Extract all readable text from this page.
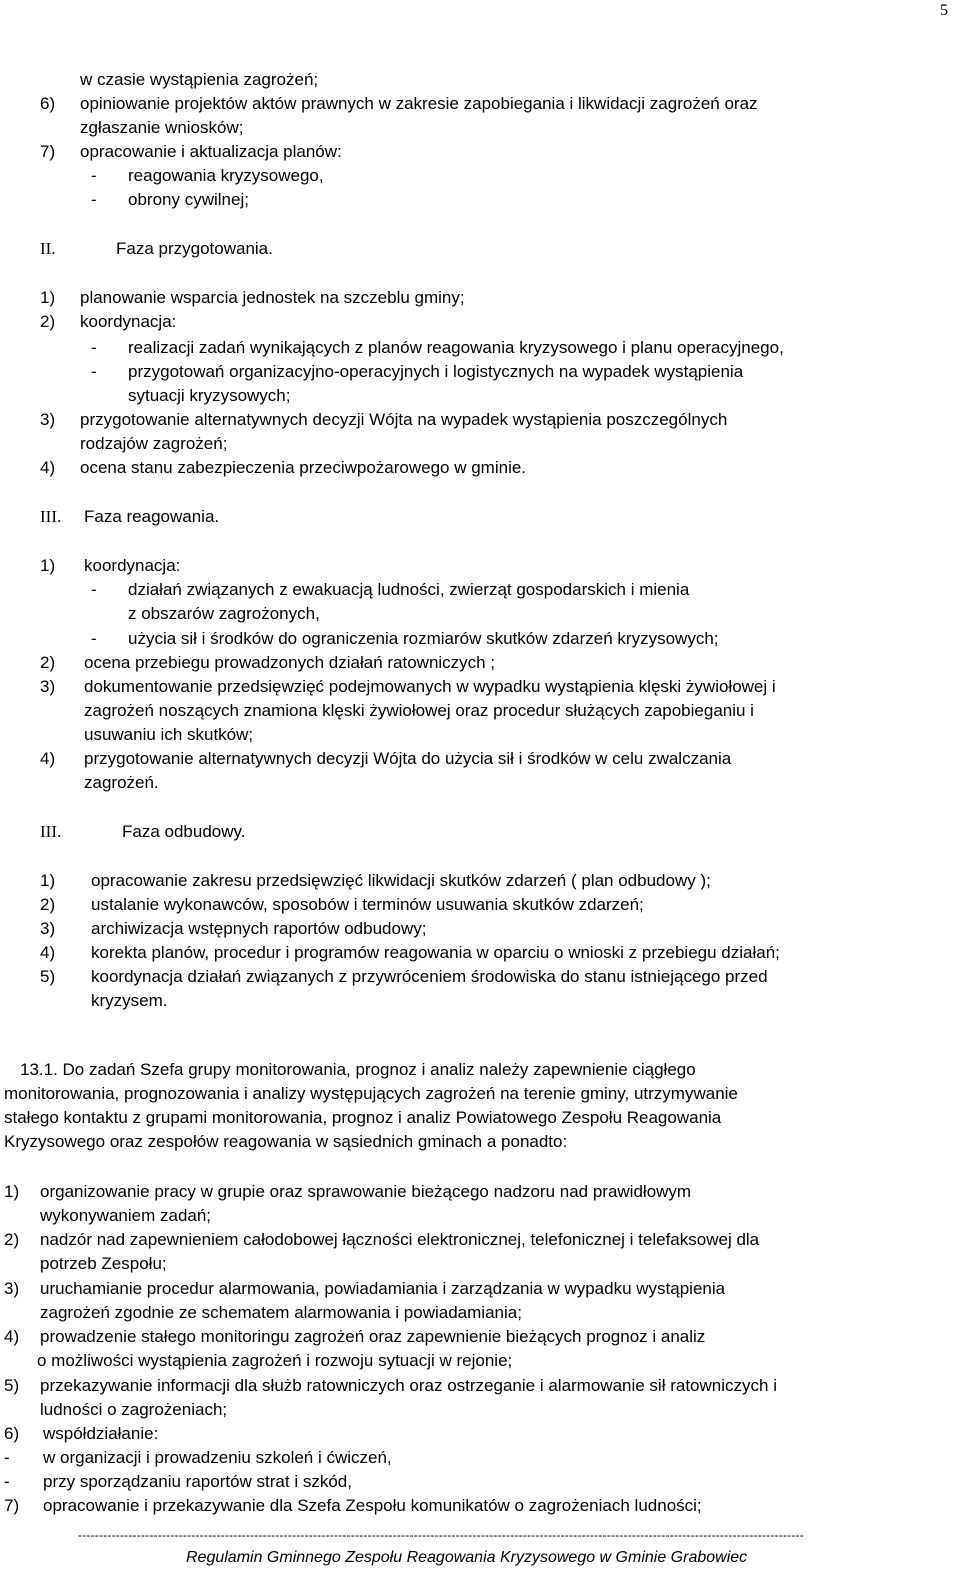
5
w czasie wystąpienia zagrożeń;
6) opiniowanie projektów aktów prawnych w zakresie zapobiegania i likwidacji zagrożeń oraz
zgłaszanie wniosków;
7) opracowanie i aktualizacja planów:
- reagowania kryzysowego,
- obrony cywilnej;
II.	Faza przygotowania.
1) planowanie wsparcia jednostek na szczeblu gminy;
2) koordynacja:
- realizacji zadań wynikających z planów reagowania kryzysowego i planu operacyjnego,
- przygotowań organizacyjno-operacyjnych i logistycznych na wypadek wystąpienia
sytuacji kryzysowych;
3) przygotowanie alternatywnych decyzji Wójta na wypadek wystąpienia poszczególnych
rodzajów zagrożeń;
4) ocena stanu zabezpieczenia przeciwpożarowego w gminie.
III. Faza reagowania.
1) koordynacja:
- działań związanych z ewakuacją ludności, zwierząt gospodarskich i mienia
z obszarów zagrożonych,
- użycia sił i środków do ograniczenia rozmiarów skutków zdarzeń kryzysowych;
2) ocena przebiegu prowadzonych działań ratowniczych ;
3) dokumentowanie przedsięwzięć podejmowanych w wypadku wystąpienia klęski żywiołowej i
zagrożeń noszących znamiona klęski żywiołowej oraz procedur służących zapobieganiu i
usuwaniu ich skutków;
4) przygotowanie alternatywnych decyzji Wójta do użycia sił i środków w celu zwalczania
zagrożeń.
III.	Faza odbudowy.
1) opracowanie zakresu przedsięwzięć likwidacji skutków zdarzeń ( plan odbudowy );
2) ustalanie wykonawców, sposobów i terminów usuwania skutków zdarzeń;
3) archiwizacja wstępnych raportów odbudowy;
4) korekta planów, procedur i programów reagowania w oparciu o wnioski z przebiegu działań;
5) koordynacja działań związanych z przywróceniem środowiska do stanu istniejącego przed
kryzysem.
13.1. Do zadań Szefa grupy monitorowania, prognoz i analiz należy zapewnienie ciągłego
monitorowania, prognozowania i analizy występujących zagrożeń na terenie gminy, utrzymywanie
stałego kontaktu z grupami monitorowania, prognoz i analiz Powiatowego Zespołu Reagowania
Kryzysowego oraz zespołów reagowania w sąsiednich gminach a ponadto:
1) organizowanie pracy w grupie oraz sprawowanie bieżącego nadzoru nad prawidłowym
wykonywaniem zadań;
2) nadzór nad zapewnieniem całodobowej łączności elektronicznej, telefonicznej i telefaksowej dla
potrzeb Zespołu;
3) uruchamianie procedur alarmowania, powiadamiania i zarządzania w wypadku wystąpienia
zagrożeń zgodnie ze schematem alarmowania i powiadamiania;
4) prowadzenie stałego monitoringu zagrożeń oraz zapewnienie bieżących prognoz i analiz
o możliwości wystąpienia zagrożeń i rozwoju sytuacji w rejonie;
5) przekazywanie informacji dla służb ratowniczych oraz ostrzeganie i alarmowanie sił ratowniczych i
ludności o zagrożeniach;
6) współdziałanie:
- w organizacji i prowadzeniu szkoleń i ćwiczeń,
- przy sporządzaniu raportów strat i szkód,
7) opracowanie i przekazywanie dla Szefa Zespołu komunikatów o zagrożeniach ludności;
-----------------------------------------------------------------------------------------------------------------------------------------------------------------------------
Regulamin Gminnego Zespołu Reagowania Kryzysowego w Gminie Grabowiec
